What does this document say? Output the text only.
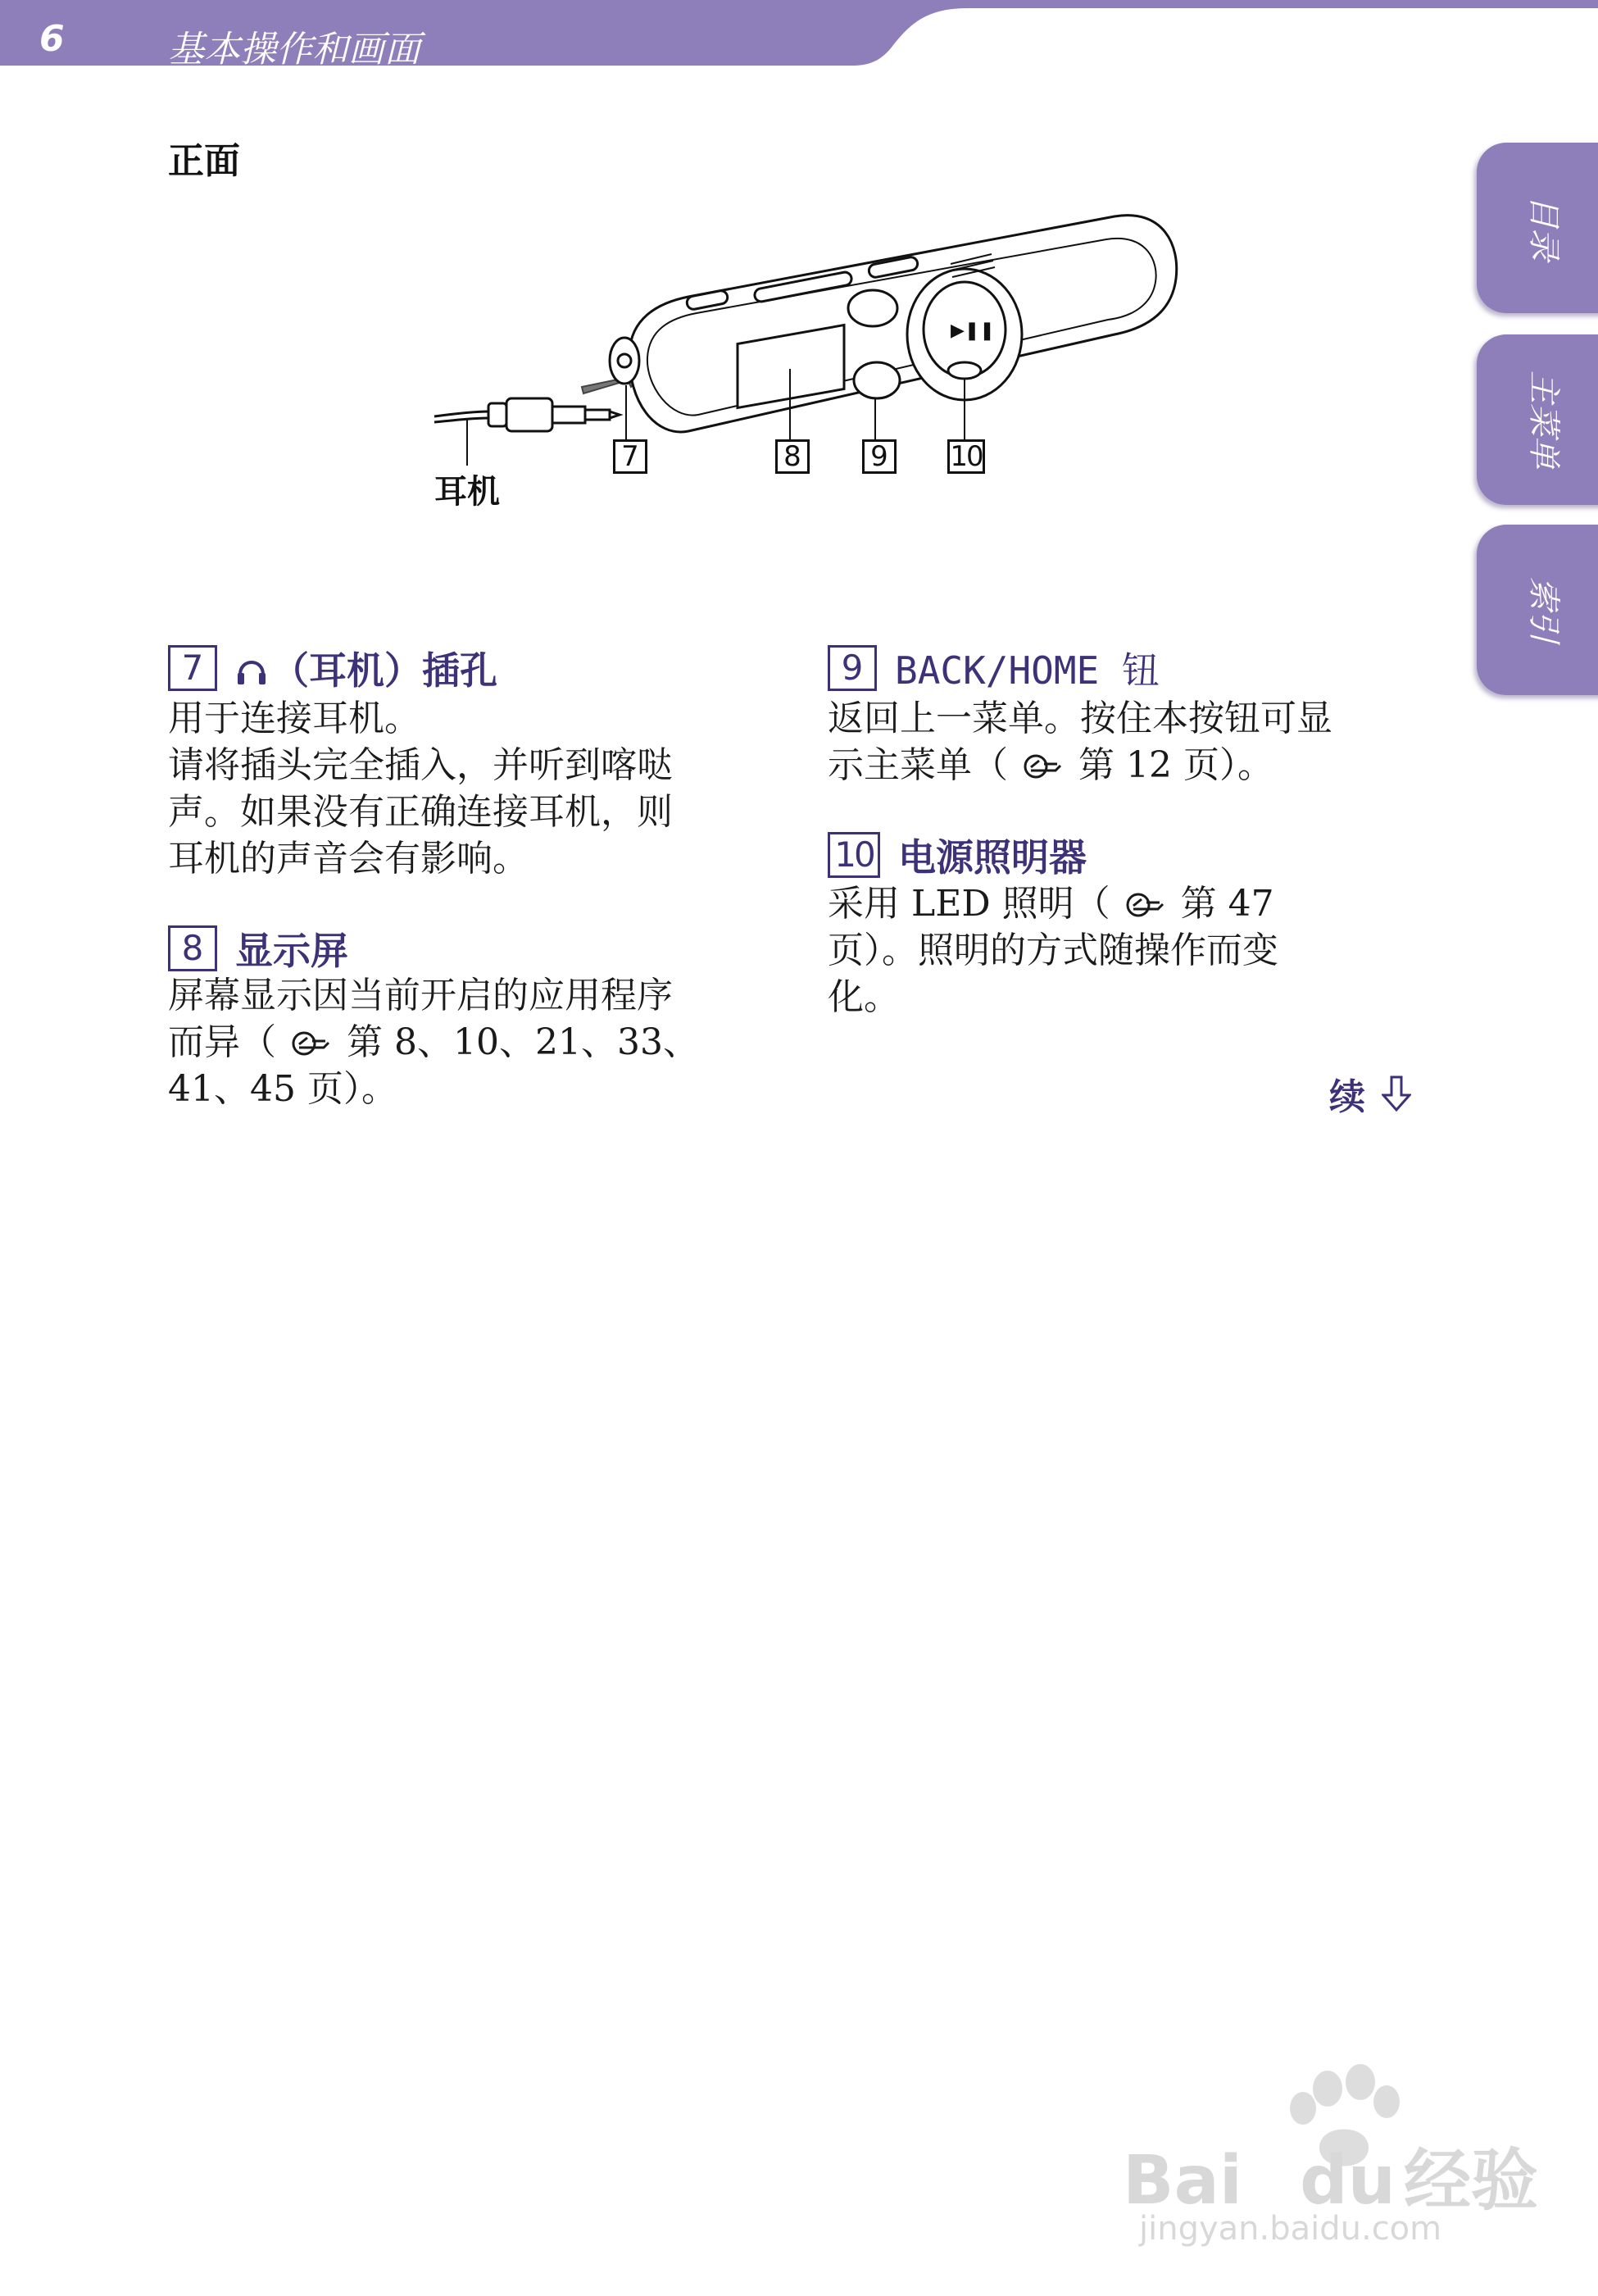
6	基本操作和画面
目录
主菜单
索引
正面
▶❚❚
耳机
7	8 9 10
7	（耳机）插孔
用于连接耳机。
请将插头完全插入，并听到喀哒
声。如果没有正确连接耳机，则
耳机的声音会有影响。
8 显示屏
屏幕显示因当前开启的应用程序
而异（ 第 8、10、21、33、
41、45 页）。
9 BACK/HOME 钮
返回上一菜单。按住本按钮可显
示主菜单（ 第 12 页）。
10 电源照明器
采用 LED 照明（ 第 47
页）。照明的方式随操作而变
化。
续
Bai du 经验
jingyan.baidu.com
